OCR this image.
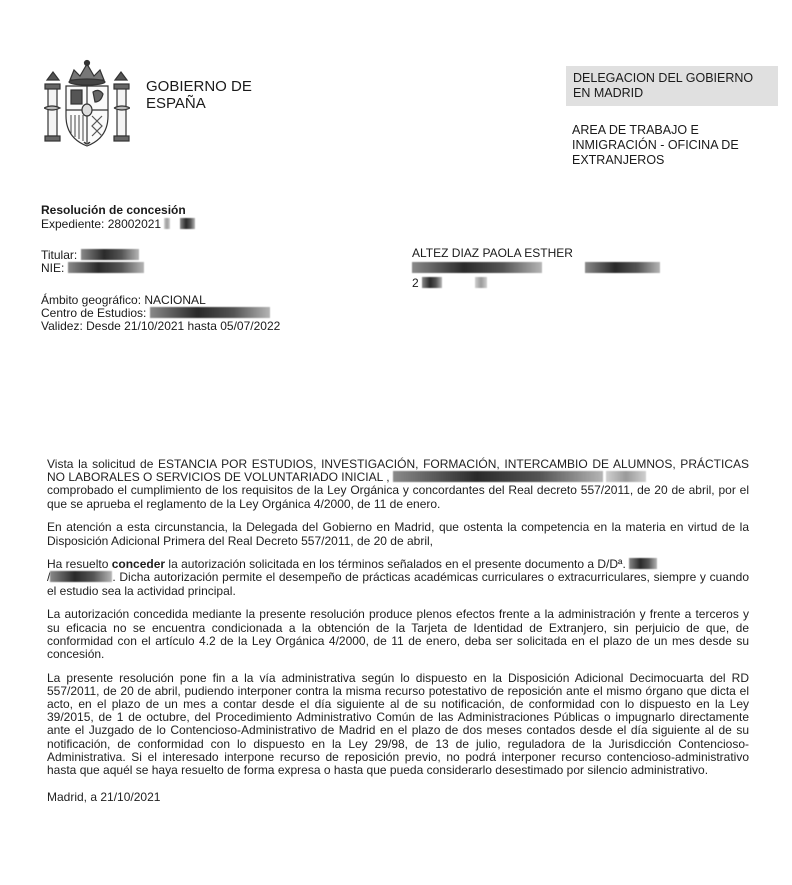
GOBIERNO DE
ESPAÑA
DELEGACION DEL GOBIERNO
EN MADRID
AREA DE TRABAJO E
INMIGRACIÓN - OFICINA DE
EXTRANJEROS
Resolución de concesión
Expediente: 28002021
Titular:
NIE:
Ámbito geográfico: NACIONAL
Centro de Estudios:
Validez: Desde 21/10/2021 hasta 05/07/2022
ALTEZ DIAZ PAOLA ESTHER

2

Vista la solicitud de ESTANCIA POR ESTUDIOS, INVESTIGACIÓN, FORMACIÓN, INTERCAMBIO DE ALUMNOS, PRÁCTICAS NO LABORALES O SERVICIOS DE VOLUNTARIADO INICIAL ,
comprobado el cumplimiento de los requisitos de la Ley Orgánica y concordantes del Real decreto 557/2011, de 20 de abril, por el que se aprueba el reglamento de la Ley Orgánica 4/2000, de 11 de enero.

En atención a esta circunstancia, la Delegada del Gobierno en Madrid, que ostenta la competencia en la materia en virtud de la Disposición Adicional Primera del Real Decreto 557/2011, de 20 de abril,

Ha resuelto conceder la autorización solicitada en los términos señalados en el presente documento a D/Dª.
/	. Dicha autorización permite el desempeño de prácticas académicas curriculares o extracurriculares, siempre y cuando el estudio sea la actividad principal.

La autorización concedida mediante la presente resolución produce plenos efectos frente a la administración y frente a terceros y su eficacia no se encuentra condicionada a la obtención de la Tarjeta de Identidad de Extranjero, sin perjuicio de que, de conformidad con el artículo 4.2 de la Ley Orgánica 4/2000, de 11 de enero, deba ser solicitada en el plazo de un mes desde su concesión.

La presente resolución pone fin a la vía administrativa según lo dispuesto en la Disposición Adicional Decimocuarta del RD 557/2011, de 20 de abril, pudiendo interponer contra la misma recurso potestativo de reposición ante el mismo órgano que dicta el acto, en el plazo de un mes a contar desde el día siguiente al de su notificación, de conformidad con lo dispuesto en la Ley 39/2015, de 1 de octubre, del Procedimiento Administrativo Común de las Administraciones Públicas o impugnarlo directamente ante el Juzgado de lo Contencioso-Administrativo de Madrid en el plazo de dos meses contados desde el día siguiente al de su notificación, de conformidad con lo dispuesto en la Ley 29/98, de 13 de julio, reguladora de la Jurisdicción Contencioso-Administrativa. Si el interesado interpone recurso de reposición previo, no podrá interponer recurso contencioso-administrativo hasta que aquél se haya resuelto de forma expresa o hasta que pueda considerarlo desestimado por silencio administrativo.

Madrid, a 21/10/2021
